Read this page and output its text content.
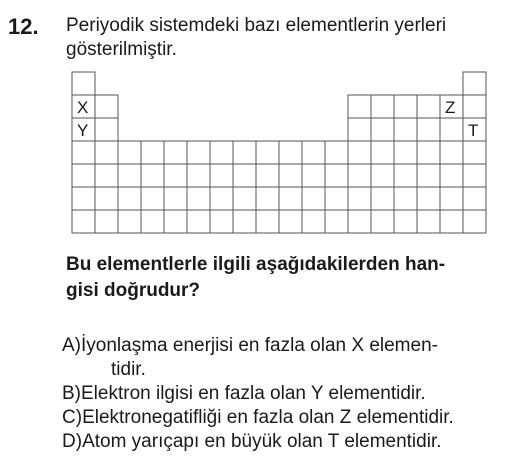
12. Periyodik sistemdeki bazı elementlerin yerleri
gösterilmiştir.
X
Y
Z
T
Bu elementlerle ilgili aşağıdakilerden han-
gisi doğrudur?
A) İyonlaşma enerjisi en fazla olan X elemen-
tidir.
B) Elektron ilgisi en fazla olan Y elementidir.
C) Elektronegatifliği en fazla olan Z elementidir.
D) Atom yarıçapı en büyük olan T elementidir.
